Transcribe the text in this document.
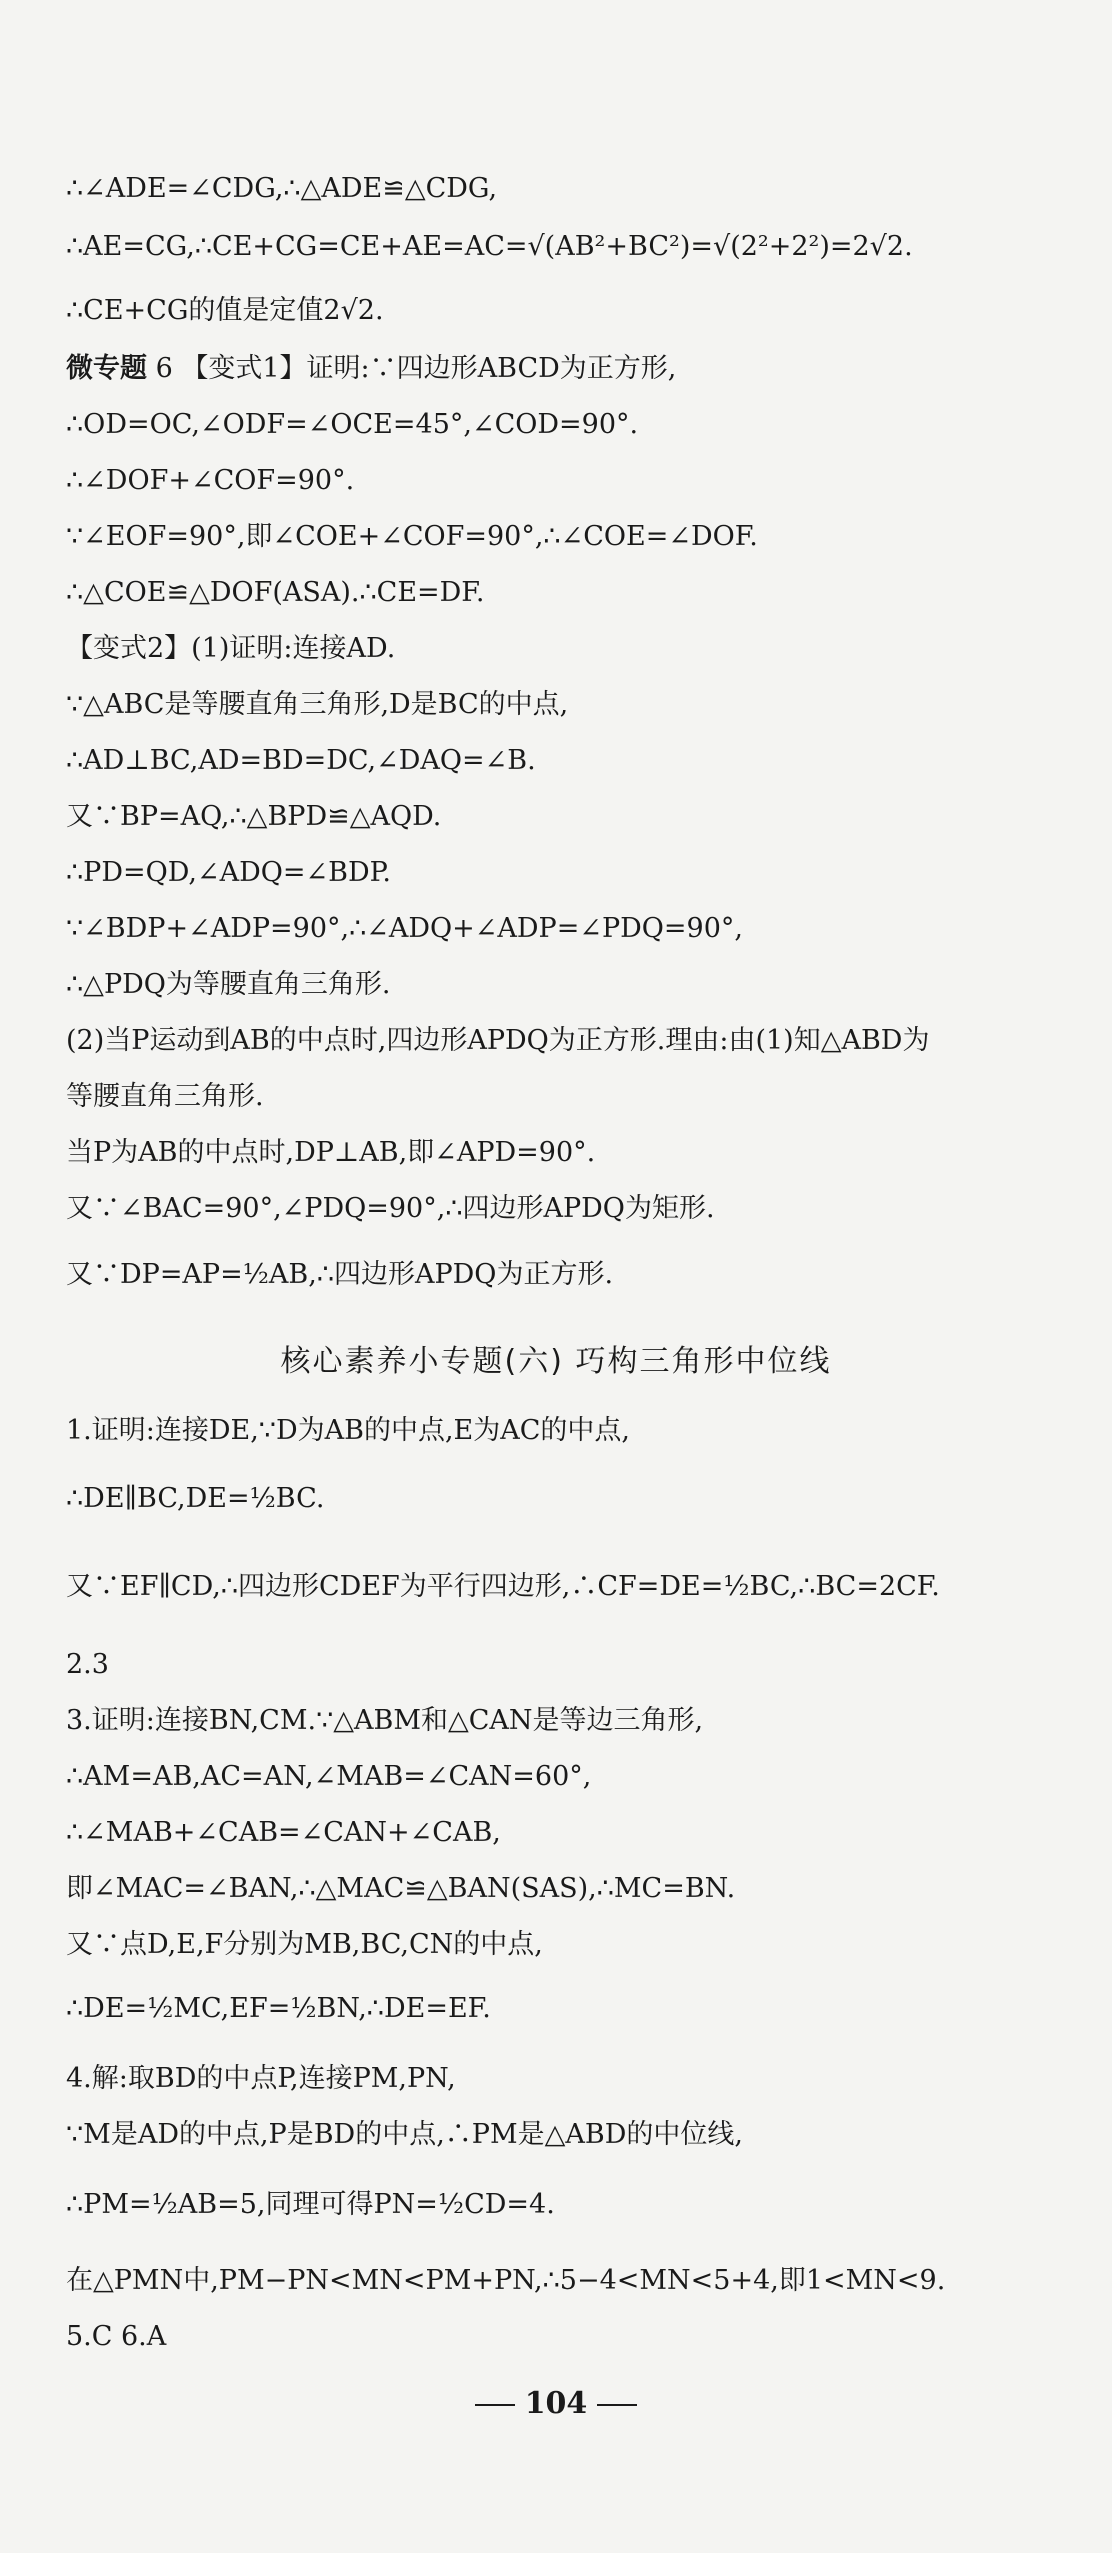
∴∠ADE=∠CDG,∴△ADE≌△CDG,
∴AE=CG,∴CE+CG=CE+AE=AC=√(AB²+BC²)=√(2²+2²)=2√2.
∴CE+CG的值是定值2√2.
微专题 6 【变式1】证明:∵四边形ABCD为正方形,
∴OD=OC,∠ODF=∠OCE=45°,∠COD=90°.
∴∠DOF+∠COF=90°.
∵∠EOF=90°,即∠COE+∠COF=90°,∴∠COE=∠DOF.
∴△COE≌△DOF(ASA).∴CE=DF.
【变式2】(1)证明:连接AD.
∵△ABC是等腰直角三角形,D是BC的中点,
∴AD⊥BC,AD=BD=DC,∠DAQ=∠B.
又∵BP=AQ,∴△BPD≌△AQD.
∴PD=QD,∠ADQ=∠BDP.
∵∠BDP+∠ADP=90°,∴∠ADQ+∠ADP=∠PDQ=90°,
∴△PDQ为等腰直角三角形.
(2)当P运动到AB的中点时,四边形APDQ为正方形.理由:由(1)知△ABD为
等腰直角三角形.
当P为AB的中点时,DP⊥AB,即∠APD=90°.
又∵∠BAC=90°,∠PDQ=90°,∴四边形APDQ为矩形.
又∵DP=AP=½AB,∴四边形APDQ为正方形.
核心素养小专题(六) 巧构三角形中位线
1.证明:连接DE,∵D为AB的中点,E为AC的中点,
∴DE∥BC,DE=½BC.
又∵EF∥CD,∴四边形CDEF为平行四边形,∴CF=DE=½BC,∴BC=2CF.
2.3
3.证明:连接BN,CM.∵△ABM和△CAN是等边三角形,
∴AM=AB,AC=AN,∠MAB=∠CAN=60°,
∴∠MAB+∠CAB=∠CAN+∠CAB,
即∠MAC=∠BAN,∴△MAC≌△BAN(SAS),∴MC=BN.
又∵点D,E,F分别为MB,BC,CN的中点,
∴DE=½MC,EF=½BN,∴DE=EF.
4.解:取BD的中点P,连接PM,PN,
∵M是AD的中点,P是BD的中点,∴PM是△ABD的中位线,
∴PM=½AB=5,同理可得PN=½CD=4.
在△PMN中,PM−PN<MN<PM+PN,∴5−4<MN<5+4,即1<MN<9.
5.C 6.A
104
